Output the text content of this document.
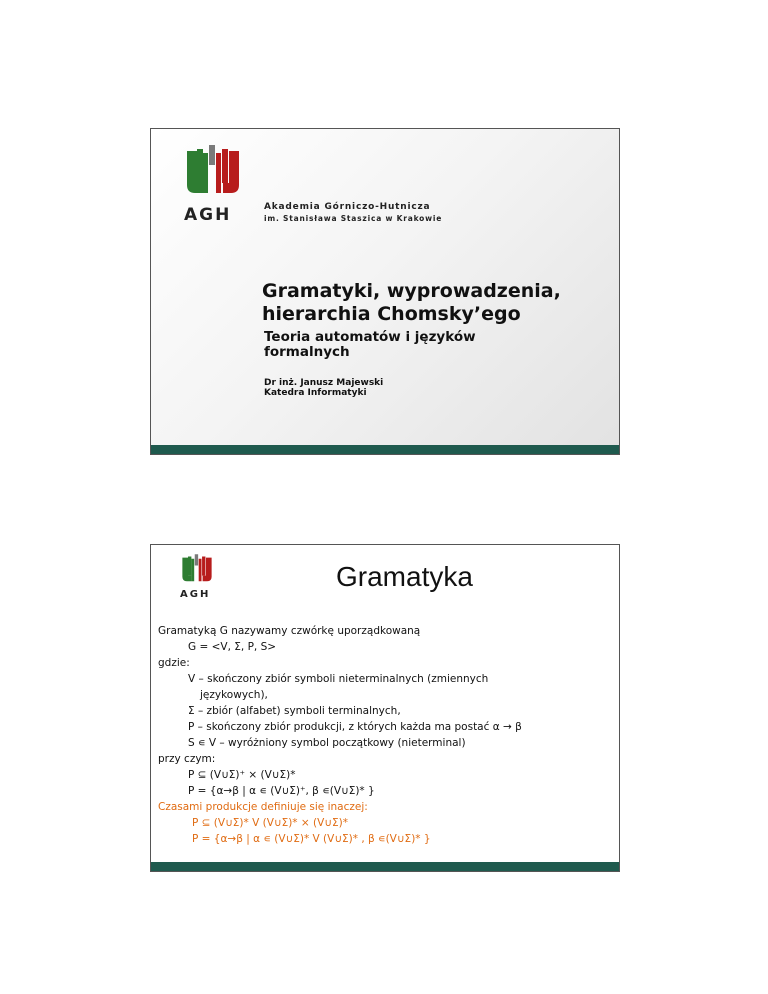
AGH	Akademia Górniczo-Hutnicza
im. Stanisława Staszica w Krakowie
Gramatyki, wyprowadzenia,
hierarchia Chomsky’ego
Teoria automatów i języków
formalnych
Dr inż. Janusz Majewski
Katedra Informatyki
AGH
Gramatyka
Gramatyką G nazywamy czwórkę uporządkowaną
G = <V, Σ, P, S>
gdzie:
V – skończony zbiór symboli nieterminalnych (zmiennych
językowych),
Σ – zbiór (alfabet) symboli terminalnych,
P – skończony zbiór produkcji, z których każda ma postać α → β
S ∊ V – wyróżniony symbol początkowy (nieterminal)
przy czym:
P ⊆ (V∪Σ)⁺ × (V∪Σ)*
P = {α→β | α ∊ (V∪Σ)⁺, β ∊(V∪Σ)* }
Czasami produkcje definiuje się inaczej:
P ⊆ (V∪Σ)* V (V∪Σ)* × (V∪Σ)*
P = {α→β | α ∊ (V∪Σ)* V (V∪Σ)* , β ∊(V∪Σ)* }
